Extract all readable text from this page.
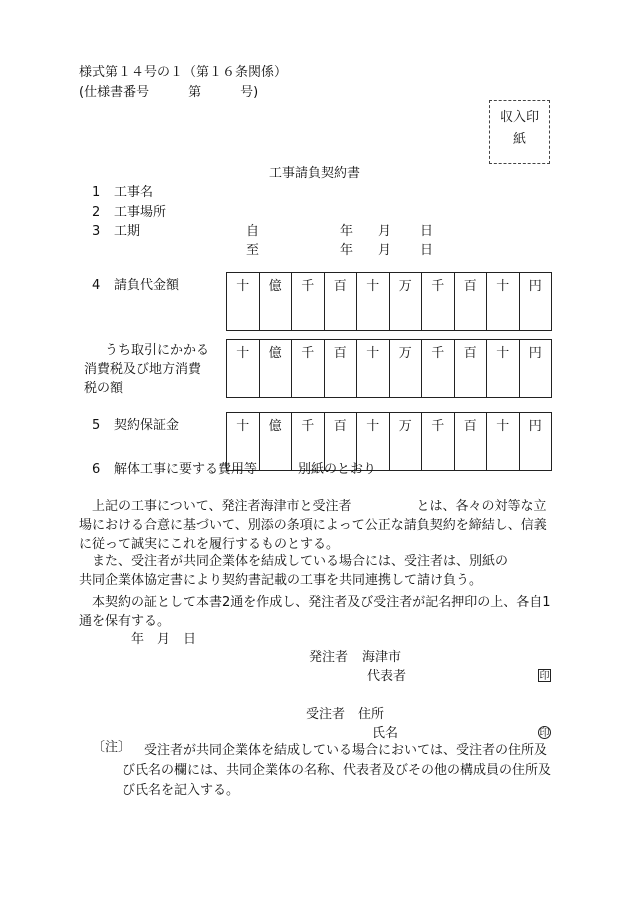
様式第１４号の１（第１６条関係）
(仕様書番号　　　第　　　号)
収入印
紙
工事請負契約書
1 工事名
2 工事場所
3 工期	自	年 月 日
至	年 月 日
4 請負代金額	十	億	千	百	十	万	千	百	十	円

うち取引にかかる
消費税及び地方消費
税の額
十	億	千	百	十	万	千	百	十	円

5 契約保証金	十	億	千	百	十	万	千	百	十	円

6 解体工事に要する費用等	別紙のとおり
上記の工事について、発注者海津市と受注者　　　　　とは、各々の対等な立場における合意に基づいて、別添の条項によって公正な請負契約を締結し、信義に従って誠実にこれを履行するものとする。
また、受注者が共同企業体を結成している場合には、受注者は、別紙の
共同企業体協定書により契約書記載の工事を共同連携して請け負う。
本契約の証として本書2通を作成し、発注者及び受注者が記名押印の上、各自1通を保有する。
年　月　日
発注者 海津市
代表者	印
受注者 住所
氏名	印
〔注〕 受注者が共同企業体を結成している場合においては、受注者の住所及び氏名の欄には、共同企業体の名称、代表者及びその他の構成員の住所及び氏名を記入する。
